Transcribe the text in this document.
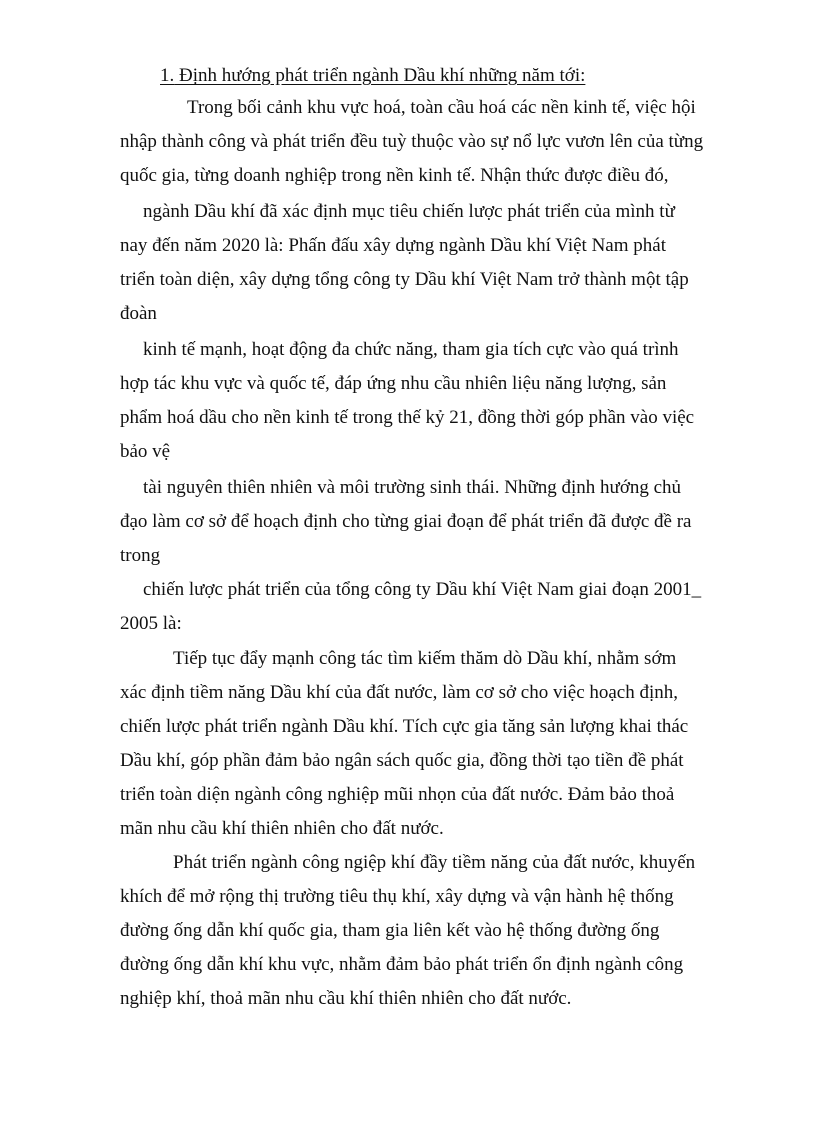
1. Định hướng phát triển ngành Dầu khí những năm tới:
Trong bối cảnh khu vực hoá, toàn cầu hoá các nền kinh tế, việc hội
nhập thành công và phát triển đều tuỳ thuộc vào sự nổ lực vươn lên của từng
quốc gia, từng doanh nghiệp trong nền kinh tế. Nhận thức được điều đó,
ngành Dầu khí đã xác định mục tiêu chiến lược phát triển của mình từ
nay đến năm 2020 là: Phấn đấu xây dựng ngành Dầu khí Việt Nam phát
triển toàn diện, xây dựng tổng công ty Dầu khí Việt Nam trở thành một tập
đoàn
kinh tế mạnh, hoạt động đa chức năng, tham gia tích cực vào quá trình
hợp tác khu vực và quốc tế, đáp ứng nhu cầu nhiên liệu năng lượng, sản
phẩm hoá dầu cho nền kinh tế trong thế kỷ 21, đồng thời góp phần vào việc
bảo vệ
tài nguyên thiên nhiên và môi trường sinh thái. Những định hướng chủ
đạo làm cơ sở để hoạch định cho từng giai đoạn để phát triển đã được đề ra
trong
chiến lược phát triển của tổng công ty Dầu khí Việt Nam giai đoạn 2001_
2005 là:
Tiếp tục đẩy mạnh công tác tìm kiếm thăm dò Dầu khí, nhằm sớm
xác định tiềm năng Dầu khí của đất nước, làm cơ sở cho việc hoạch định,
chiến lược phát triển ngành Dầu khí. Tích cực gia tăng sản lượng khai thác
Dầu khí, góp phần đảm bảo ngân sách quốc gia, đồng thời tạo tiền đề phát
triển toàn diện ngành công nghiệp mũi nhọn của đất nước. Đảm bảo thoả
mãn nhu cầu khí thiên nhiên cho đất nước.
Phát triển ngành công ngiệp khí đầy tiềm năng của đất nước, khuyến
khích để mở rộng thị trường tiêu thụ khí, xây dựng và vận hành hệ thống
đường ống dẫn khí quốc gia, tham gia liên kết vào hệ thống đường ống
đường ống dẫn khí khu vực, nhằm đảm bảo phát triển ổn định ngành công
nghiệp khí, thoả mãn nhu cầu khí thiên nhiên cho đất nước.
